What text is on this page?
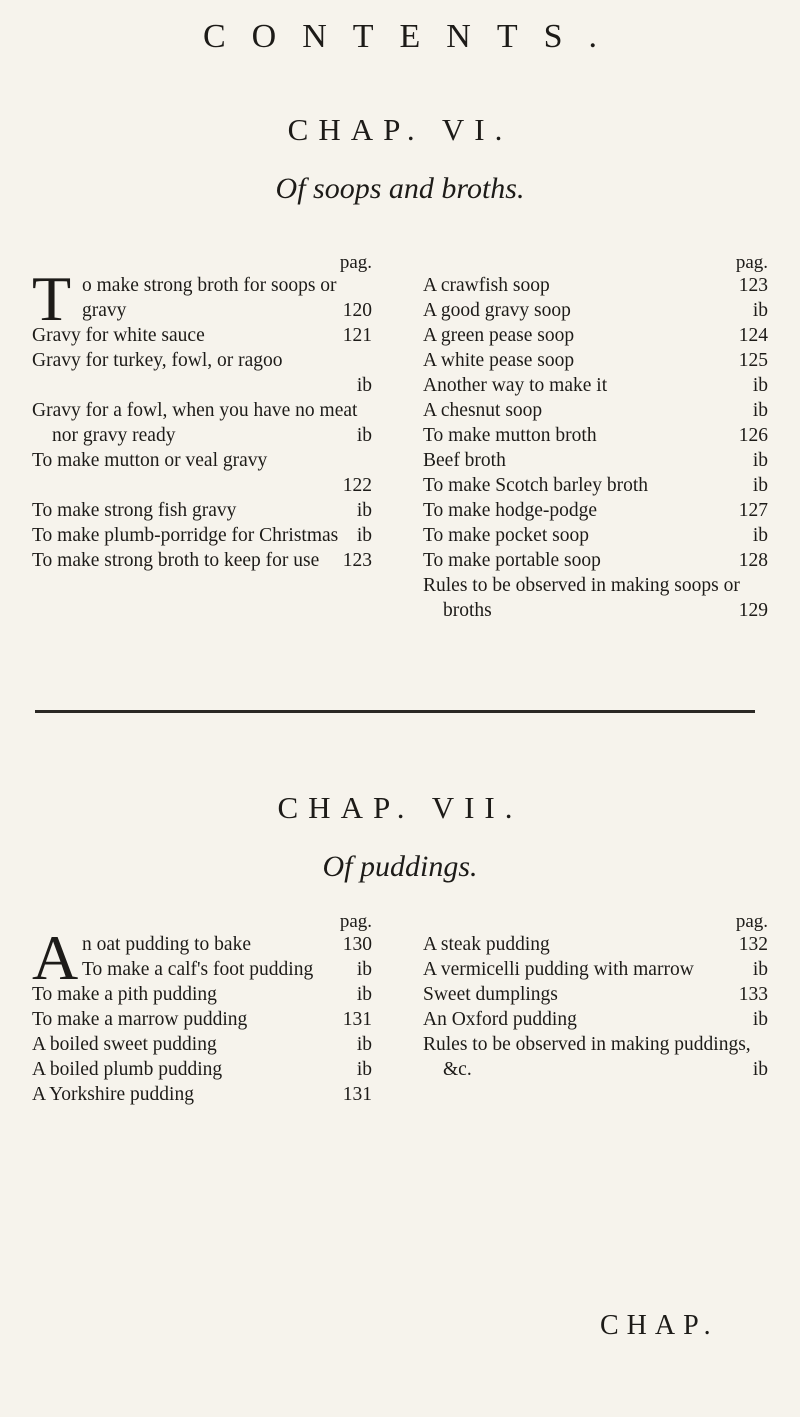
CONTENTS.
CHAP. VI.
Of soops and broths.
pag.
T o make strong broth for soops or gravy	120
Gravy for white sauce	121
Gravy for turkey, fowl, or ragoo
ib
Gravy for a fowl, when you have no meat nor gravy ready	ib
To make mutton or veal gravy
122
To make strong fish gravy	ib
To make plumb-porridge for Christmas ib
To make strong broth to keep for use	123
pag.
A crawfish soop	123
A good gravy soop	ib
A green pease soop	124
A white pease soop	125
Another way to make it	ib
A chesnut soop	ib
To make mutton broth	126
Beef broth	ib
To make Scotch barley broth	ib
To make hodge-podge	127
To make pocket soop	ib
To make portable soop	128
Rules to be observed in making soops or broths	129
CHAP. VII.
Of puddings.
pag.
A n oat pudding to bake	130
To make a calf's foot pudding	ib
To make a pith pudding	ib
To make a marrow pudding	131
A boiled sweet pudding	ib
A boiled plumb pudding	ib
A Yorkshire pudding	131
pag.
A steak pudding	132
A vermicelli pudding with marrow	ib
Sweet dumplings	133
An Oxford pudding	ib
Rules to be observed in making puddings, &c.	ib
CHAP.
